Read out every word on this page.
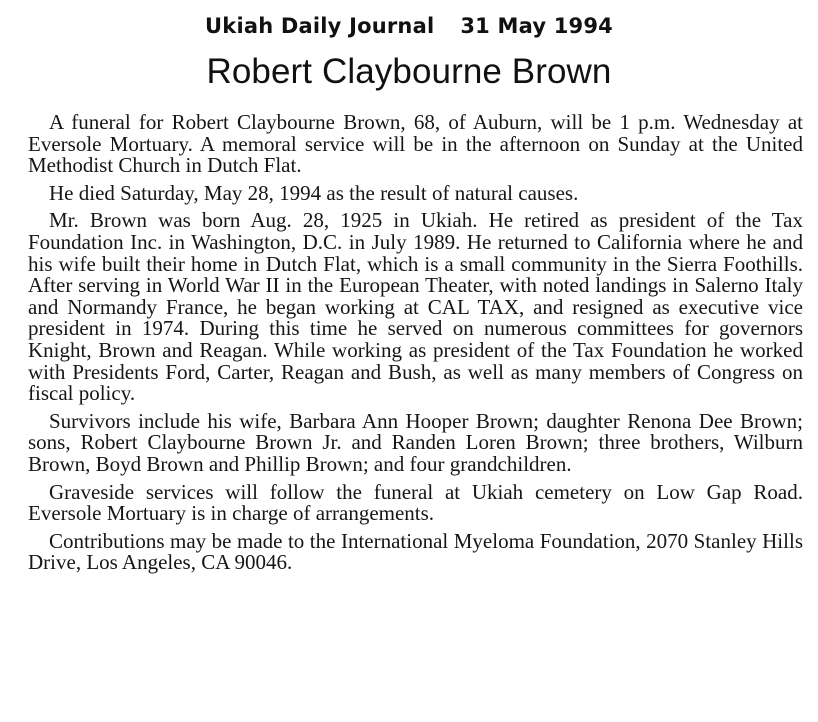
Ukiah Daily Journal 31 May 1994
Robert Claybourne Brown

A funeral for Robert Claybourne Brown, 68, of Auburn, will be 1 p.m. Wednesday at Eversole Mortuary. A memoral service will be in the afternoon on Sunday at the United Methodist Church in Dutch Flat.

He died Saturday, May 28, 1994 as the result of natural causes.

Mr. Brown was born Aug. 28, 1925 in Ukiah. He retired as president of the Tax Foundation Inc. in Washington, D.C. in July 1989. He returned to California where he and his wife built their home in Dutch Flat, which is a small community in the Sierra Foothills. After serving in World War II in the European Theater, with noted landings in Salerno Italy and Normandy France, he began working at CAL TAX, and resigned as executive vice president in 1974. During this time he served on numerous committees for governors Knight, Brown and Reagan. While working as president of the Tax Foundation he worked with Presidents Ford, Carter, Reagan and Bush, as well as many members of Congress on fiscal policy.

Survivors include his wife, Barbara Ann Hooper Brown; daughter Renona Dee Brown; sons, Robert Claybourne Brown Jr. and Randen Loren Brown; three brothers, Wilburn Brown, Boyd Brown and Phillip Brown; and four grandchildren.

Graveside services will follow the funeral at Ukiah cemetery on Low Gap Road. Eversole Mortuary is in charge of arrangements.

Contributions may be made to the International Myeloma Foundation, 2070 Stanley Hills Drive, Los Angeles, CA 90046.
